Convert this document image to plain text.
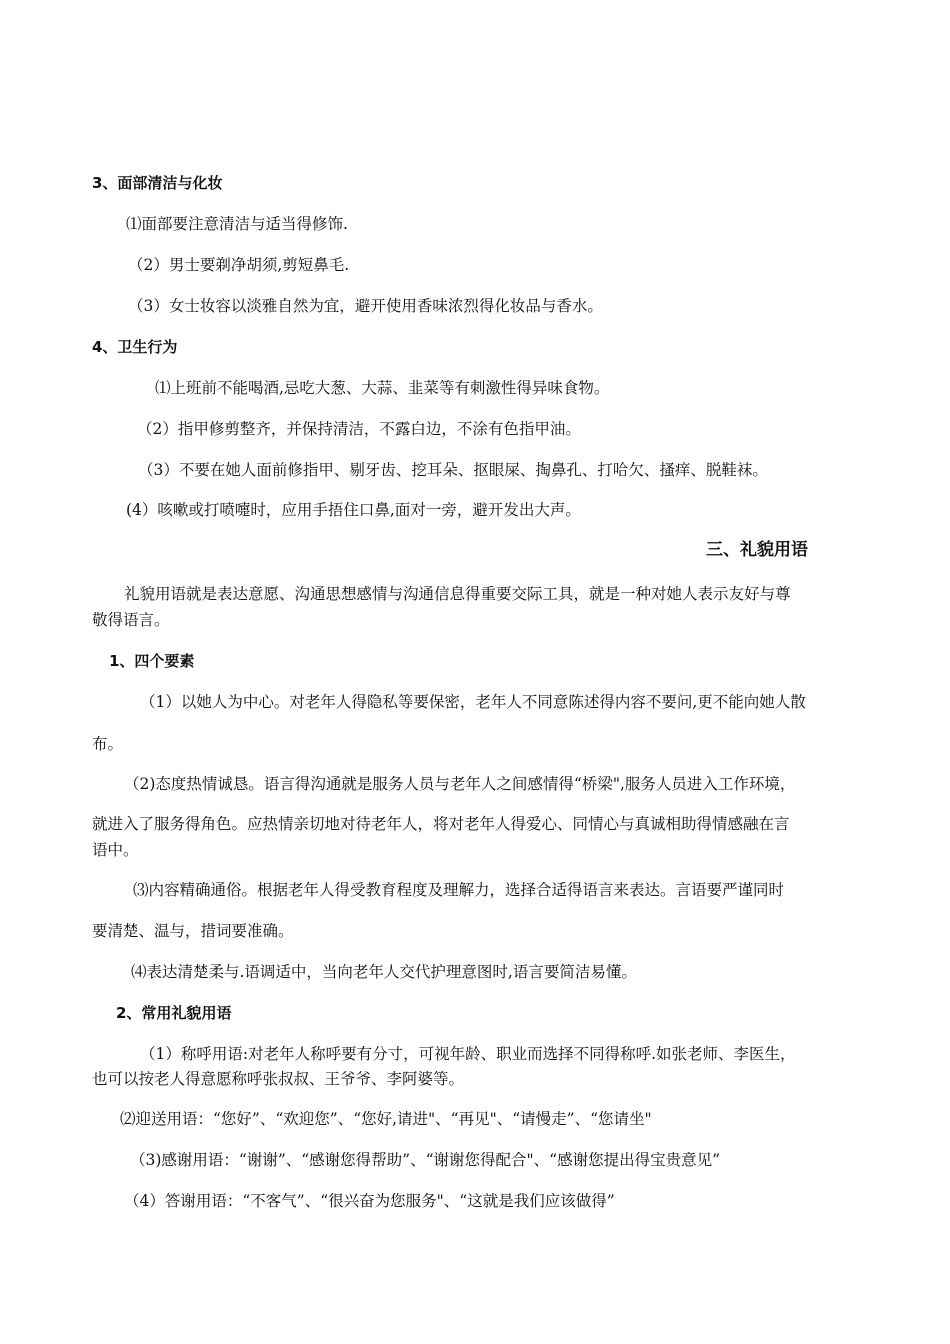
3、面部清洁与化妆
⑴面部要注意清洁与适当得修饰.
（2）男士要剃净胡须,剪短鼻毛.
（3）女士妆容以淡雅自然为宜，避开使用香味浓烈得化妆品与香水。
4、卫生行为
⑴上班前不能喝酒,忌吃大葱、大蒜、韭菜等有刺激性得异味食物。
（2）指甲修剪整齐，并保持清洁，不露白边，不涂有色指甲油。
（3）不要在她人面前修指甲、剔牙齿、挖耳朵、抠眼屎、掏鼻孔、打哈欠、搔痒、脱鞋袜。
(4）咳嗽或打喷嚏时，应用手捂住口鼻,面对一旁，避开发出大声。
三、礼貌用语
礼貌用语就是表达意愿、沟通思想感情与沟通信息得重要交际工具，就是一种对她人表示友好与尊
敬得语言。
1、四个要素
（1）以她人为中心。对老年人得隐私等要保密，老年人不同意陈述得内容不要问,更不能向她人散
布。
（2)态度热情诚恳。语言得沟通就是服务人员与老年人之间感情得“桥梁",服务人员进入工作环境，
就进入了服务得角色。应热情亲切地对待老年人，将对老年人得爱心、同情心与真诚相助得情感融在言
语中。
⑶内容精确通俗。根据老年人得受教育程度及理解力，选择合适得语言来表达。言语要严谨同时
要清楚、温与，措词要准确。
⑷表达清楚柔与.语调适中，当向老年人交代护理意图时,语言要简洁易懂。
2、常用礼貌用语
（1）称呼用语:对老年人称呼要有分寸，可视年龄、职业而选择不同得称呼.如张老师、李医生，
也可以按老人得意愿称呼张叔叔、王爷爷、李阿婆等。
⑵迎送用语：“您好”、“欢迎您”、“您好,请进"、“再见"、“请慢走”、“您请坐"
（3)感谢用语：“谢谢”、“感谢您得帮助”、“谢谢您得配合"、“感谢您提出得宝贵意见”
（4）答谢用语：“不客气”、“很兴奋为您服务"、“这就是我们应该做得”
